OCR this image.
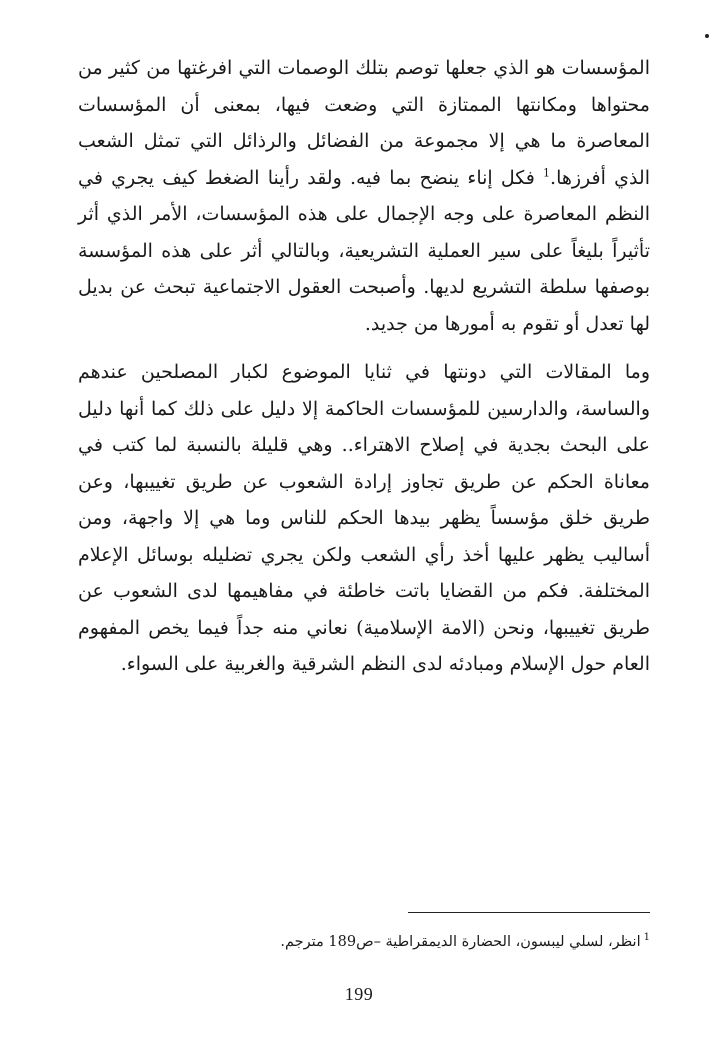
المؤسسات هو الذي جعلها توصم بتلك الوصمات التي افرغتها من كثير من محتواها ومكانتها الممتازة التي وضعت فيها، بمعنى أن المؤسسات المعاصرة ما هي إلا مجموعة من الفضائل والرذائل التي تمثل الشعب الذي أفرزها.$^1$ فكل إناء ينضح بما فيه. ولقد رأينا الضغط كيف يجري في النظم المعاصرة على وجه الإجمال على هذه المؤسسات، الأمر الذي أثر تأثيراً بليغاً على سير العملية التشريعية، وبالتالي أثر على هذه المؤسسة بوصفها سلطة التشريع لديها. وأصبحت العقول الاجتماعية تبحث عن بديل لها تعدل أو تقوم به أمورها من جديد.

وما المقالات التي دونتها في ثنايا الموضوع لكبار المصلحين عندهم والساسة، والدارسين للمؤسسات الحاكمة إلا دليل على ذلك كما أنها دليل على البحث بجدية في إصلاح الاهتراء.. وهي قليلة بالنسبة لما كتب في معاناة الحكم عن طريق تجاوز إرادة الشعوب عن طريق تغييبها، وعن طريق خلق مؤسساً يظهر بيدها الحكم للناس وما هي إلا واجهة، ومن أساليب يظهر عليها أخذ رأي الشعب ولكن يجري تضليله بوسائل الإعلام المختلفة. فكم من القضايا باتت خاطئة في مفاهيمها لدى الشعوب عن طريق تغييبها، ونحن (الامة الإسلامية) نعاني منه جداً فيما يخص المفهوم العام حول الإسلام ومبادئه لدى النظم الشرقية والغربية على السواء.

$^1$انظر، لسلي ليبسون، الحضارة الديمقراطية –ص189 مترجم.

199
